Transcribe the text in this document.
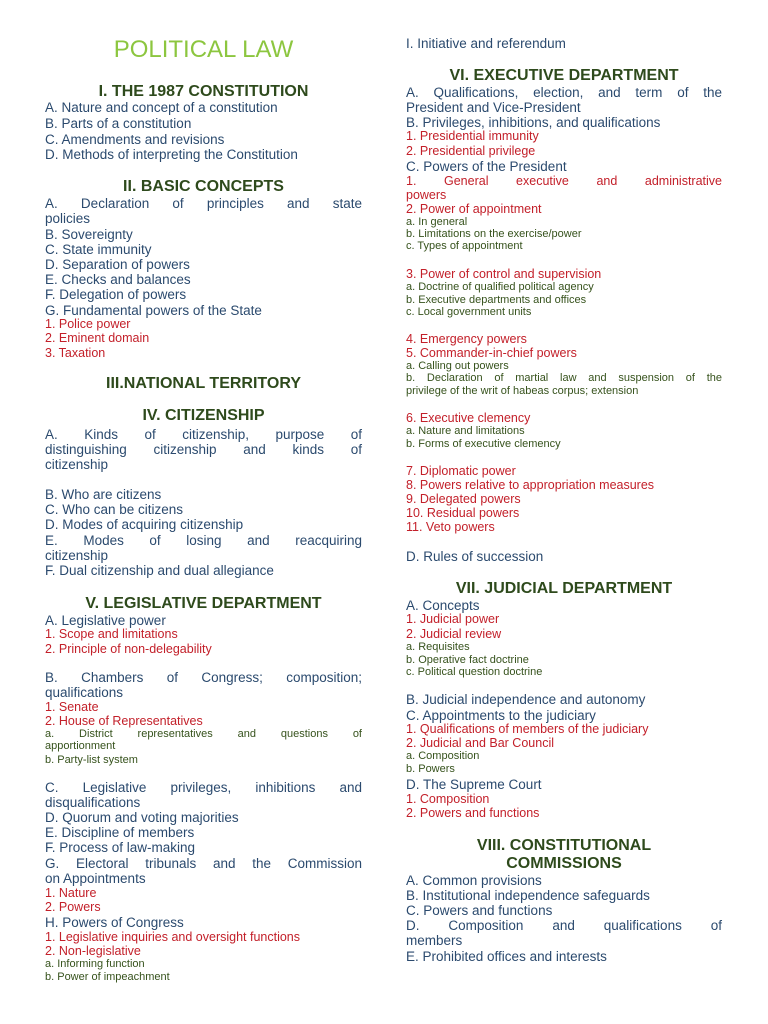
POLITICAL LAW
I. THE 1987 CONSTITUTION
A. Nature and concept of a constitution
B. Parts of a constitution
C. Amendments and revisions
D. Methods of interpreting the Constitution
II. BASIC CONCEPTS
A. Declaration of principles and state
policies
B. Sovereignty
C. State immunity
D. Separation of powers
E. Checks and balances
F. Delegation of powers
G. Fundamental powers of the State
1. Police power
2. Eminent domain
3. Taxation
III.NATIONAL TERRITORY
IV. CITIZENSHIP
A. Kinds of citizenship, purpose of
distinguishing citizenship and kinds of
citizenship
B. Who are citizens
C. Who can be citizens
D. Modes of acquiring citizenship
E. Modes of losing and reacquiring
citizenship
F. Dual citizenship and dual allegiance
V. LEGISLATIVE DEPARTMENT
A. Legislative power
1. Scope and limitations
2. Principle of non-delegability
B. Chambers of Congress; composition;
qualifications
1. Senate
2. House of Representatives
a. District representatives and questions of
apportionment
b. Party-list system
C. Legislative privileges, inhibitions and
disqualifications
D. Quorum and voting majorities
E. Discipline of members
F. Process of law-making
G. Electoral tribunals and the Commission
on Appointments
1. Nature
2. Powers
H. Powers of Congress
1. Legislative inquiries and oversight functions
2. Non-legislative
a. Informing function
b. Power of impeachment
I. Initiative and referendum
VI. EXECUTIVE DEPARTMENT
A. Qualifications, election, and term of the
President and Vice-President
B. Privileges, inhibitions, and qualifications
1. Presidential immunity
2. Presidential privilege
C. Powers of the President
1. General executive and administrative
powers
2. Power of appointment
a. In general
b. Limitations on the exercise/power
c. Types of appointment
3. Power of control and supervision
a. Doctrine of qualified political agency
b. Executive departments and offices
c. Local government units
4. Emergency powers
5. Commander-in-chief powers
a. Calling out powers
b. Declaration of martial law and suspension of the
privilege of the writ of habeas corpus; extension
6. Executive clemency
a. Nature and limitations
b. Forms of executive clemency
7. Diplomatic power
8. Powers relative to appropriation measures
9. Delegated powers
10. Residual powers
11. Veto powers
D. Rules of succession
VII. JUDICIAL DEPARTMENT
A. Concepts
1. Judicial power
2. Judicial review
a. Requisites
b. Operative fact doctrine
c. Political question doctrine
B. Judicial independence and autonomy
C. Appointments to the judiciary
1. Qualifications of members of the judiciary
2. Judicial and Bar Council
a. Composition
b. Powers
D. The Supreme Court
1. Composition
2. Powers and functions
VIII. CONSTITUTIONAL
COMMISSIONS
A. Common provisions
B. Institutional independence safeguards
C. Powers and functions
D. Composition and qualifications of
members
E. Prohibited offices and interests
